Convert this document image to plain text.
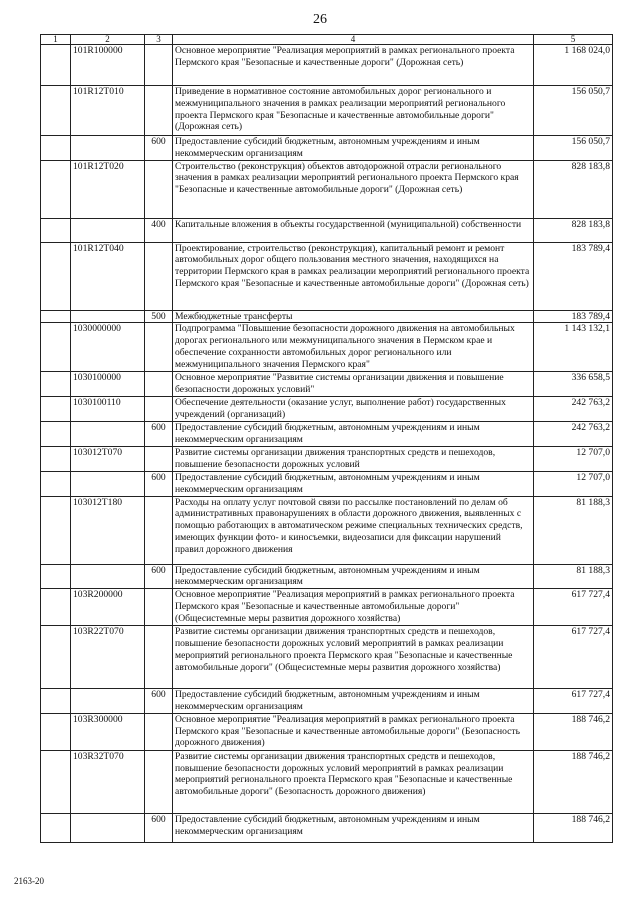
26
1	2	3	4	5
	101R100000		Основное мероприятие "Реализация мероприятий в рамках регионального проекта Пермского края "Безопасные и качественные дороги" (Дорожная сеть)	1 168 024,0
	101R12T010		Приведение в нормативное состояние автомобильных дорог регионального и межмуниципального значения в рамках реализации мероприятий регионального проекта Пермского края "Безопасные и качественные автомобильные дороги" (Дорожная сеть)	156 050,7
		600	Предоставление субсидий бюджетным, автономным учреждениям и иным некоммерческим организациям	156 050,7
	101R12T020		Строительство (реконструкция) объектов автодорожной отрасли регионального значения в рамках реализации мероприятий регионального проекта Пермского края "Безопасные и качественные автомобильные дороги" (Дорожная сеть)	828 183,8
		400	Капитальные вложения в объекты государственной (муниципальной) собственности	828 183,8
	101R12T040		Проектирование, строительство (реконструкция), капитальный ремонт и ремонт автомобильных дорог общего пользования местного значения, находящихся на территории Пермского края в рамках реализации мероприятий регионального проекта Пермского края "Безопасные и качественные автомобильные дороги" (Дорожная сеть)	183 789,4
		500	Межбюджетные трансферты	183 789,4
	1030000000		Подпрограмма "Повышение безопасности дорожного движения на автомобильных дорогах регионального или межмуниципального значения в Пермском крае и обеспечение сохранности автомобильных дорог регионального или межмуниципального значения Пермского края"	1 143 132,1
	1030100000		Основное мероприятие "Развитие системы организации движения и повышение безопасности дорожных условий"	336 658,5
	1030100110		Обеспечение деятельности (оказание услуг, выполнение работ) государственных учреждений (организаций)	242 763,2
		600	Предоставление субсидий бюджетным, автономным учреждениям и иным некоммерческим организациям	242 763,2
	103012T070		Развитие системы организации движения транспортных средств и пешеходов, повышение безопасности дорожных условий	12 707,0
		600	Предоставление субсидий бюджетным, автономным учреждениям и иным некоммерческим организациям	12 707,0
	103012T180		Расходы на оплату услуг почтовой связи по рассылке постановлений по делам об административных правонарушениях в области дорожного движения, выявленных с помощью работающих в автоматическом режиме специальных технических средств, имеющих функции фото- и киносъемки, видеозаписи для фиксации нарушений правил дорожного движения	81 188,3
		600	Предоставление субсидий бюджетным, автономным учреждениям и иным некоммерческим организациям	81 188,3
	103R200000		Основное мероприятие "Реализация мероприятий в рамках регионального проекта Пермского края "Безопасные и качественные автомобильные дороги" (Общесистемные меры развития дорожного хозяйства)	617 727,4
	103R22T070		Развитие системы организации движения транспортных средств и пешеходов, повышение безопасности дорожных условий мероприятий в рамках реализации мероприятий регионального проекта Пермского края "Безопасные и качественные автомобильные дороги" (Общесистемные меры развития дорожного хозяйства)	617 727,4
		600	Предоставление субсидий бюджетным, автономным учреждениям и иным некоммерческим организациям	617 727,4
	103R300000		Основное мероприятие "Реализация мероприятий в рамках регионального проекта Пермского края "Безопасные и качественные автомобильные дороги" (Безопасность дорожного движения)	188 746,2
	103R32T070		Развитие системы организации движения транспортных средств и пешеходов, повышение безопасности дорожных условий мероприятий в рамках реализации мероприятий регионального проекта Пермского края "Безопасные и качественные автомобильные дороги" (Безопасность дорожного движения)	188 746,2
		600	Предоставление субсидий бюджетным, автономным учреждениям и иным некоммерческим организациям	188 746,2
2163-20
